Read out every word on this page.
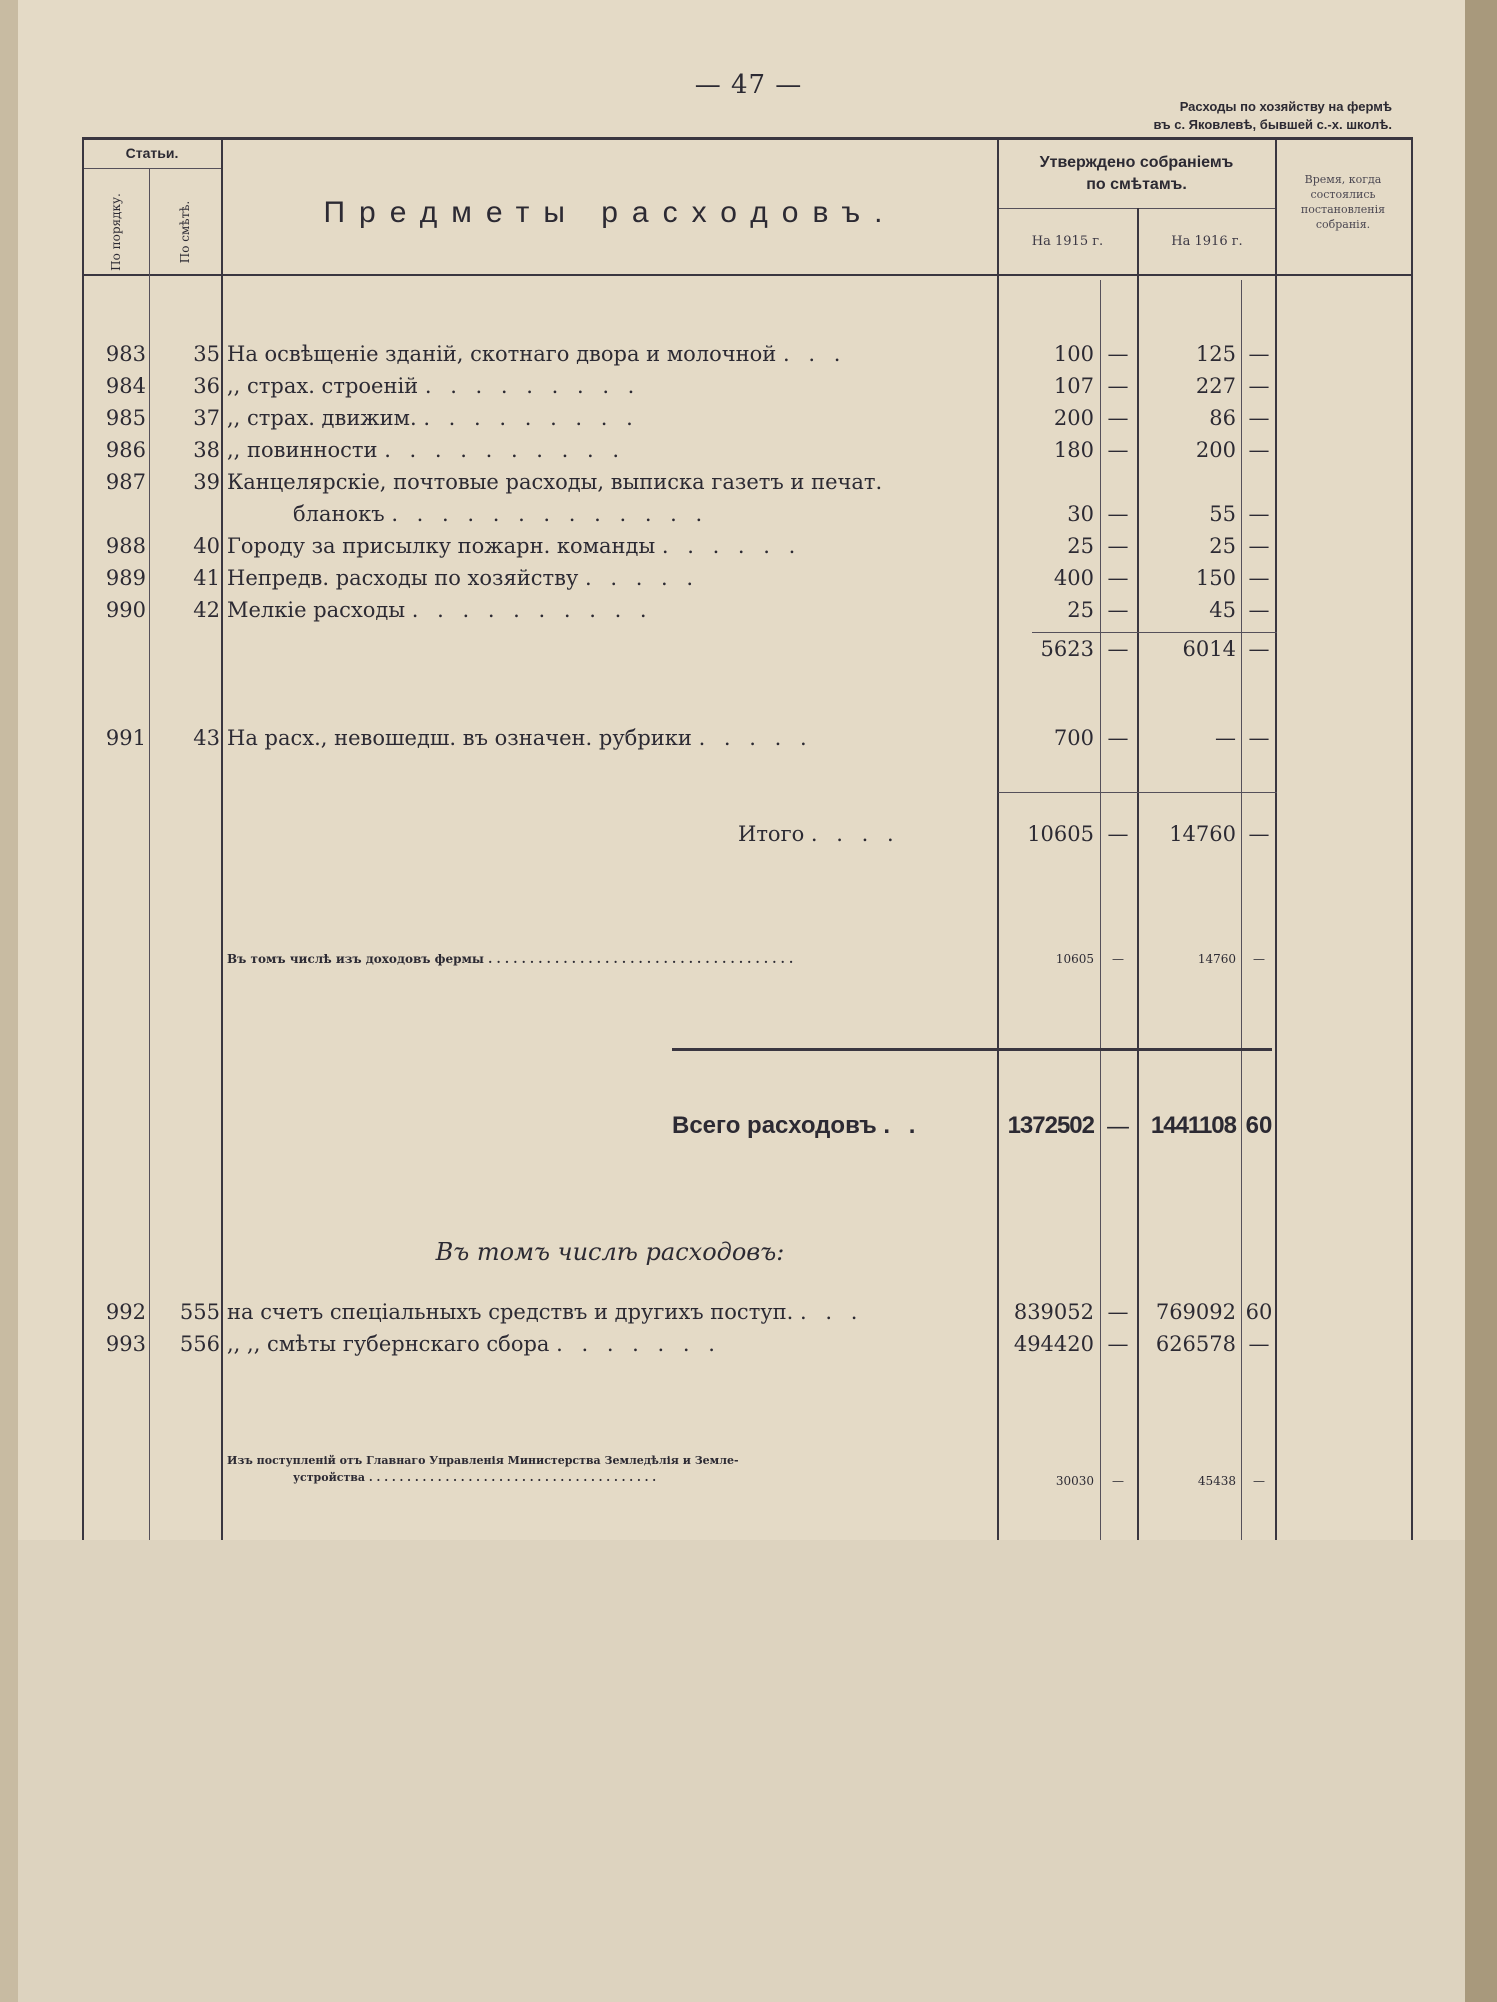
— 47 —
Расходы по хозяйству на фермѣ
въ с. Яковлевѣ, бывшей с.-х. школѣ.
Статьи.
По порядку.	По смѣтѣ.	Предметы расходовъ.
Утверждено собраніемъ
по смѣтамъ.
На 1915 г.	На 1916 г.
Время, когда состоялись постановленія собранія.
983	35 На освѣщеніе зданій, скотнаго двора и молочной . . .	100 —	125 —
984	36 ,, страх. строеній . . . . . . . . .	107 —	227 —
985	37 ,, страх. движим. . . . . . . . . .	200 —	86 —
986	38 ,, повинности . . . . . . . . . .	180 —	200 —
987	39 Канцелярскіе, почтовые расходы, выписка газетъ и печат.
бланокъ . . . . . . . . . . . . .	30 —	55 —
988	40 Городу за присылку пожарн. команды . . . . . .	25 —	25 —
989	41 Непредв. расходы по хозяйству . . . . .	400 —	150 —
990	42 Мелкіе расходы . . . . . . . . . .	25 —	45 —
5623 —	6014 —
991	43 На расх., невошедш. въ означен. рубрики . . . . .	700 —	— —
Итого . . . .	10605 —	14760 —
Въ томъ числѣ изъ доходовъ фермы . . . . . . . . . . . . . . . . . . . . . . . . . . . . . . . . . . . . .	10605	—	14760	—
Всего расходовъ . .	1372502 — 1441108 60
Въ томъ числѣ расходовъ:
992	555 на счетъ спеціальныхъ средствъ и другихъ поступ. . . .	839052 —	769092 60
993	556 ,, ,, смѣты губернскаго сбора . . . . . . .	494420 —	626578 —
Изъ поступленій отъ Главнаго Управленія Министерства Земледѣлія и Земле-
устройства . . . . . . . . . . . . . . . . . . . . . . . . . . . . . . . . . . . . . .	30030	—	45438	—
